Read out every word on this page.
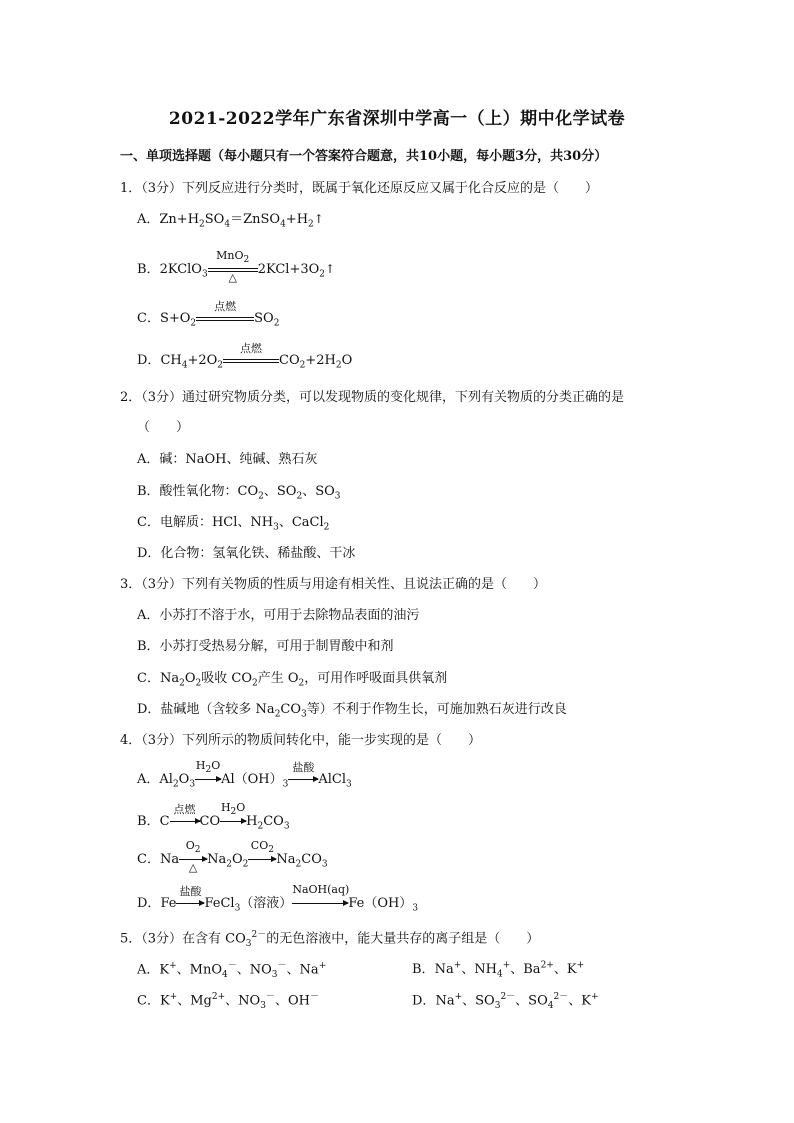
2021-2022学年广东省深圳中学高一（上）期中化学试卷
一、单项选择题（每小题只有一个答案符合题意，共10小题，每小题3分，共30分）
1．（3分）下列反应进行分类时，既属于氧化还原反应又属于化合反应的是（　　）
A．$Zn+H_2SO_4=ZnSO_4+H_2$ ↑
B．2KClO$_3$
MnO$_2$
△
$2KCl+3O_2$ ↑
C．$S+O_2$
点燃
$SO_2$
D．$CH_4+2O_2$
点燃
$CO_2+2H_2O$
2．（3分）通过研究物质分类，可以发现物质的变化规律，下列有关物质的分类正确的是
（　　）
A．碱：NaOH、纯碱、熟石灰
B．酸性氧化物：$CO_2$、$SO_2$、$SO_3$
C．电解质：HCl、$NH_3$、CaCl$_2$
D．化合物：氢氧化铁、稀盐酸、干冰
3．（3分）下列有关物质的性质与用途有相关性、且说法正确的是（　　）
A．小苏打不溶于水，可用于去除物品表面的油污
B．小苏打受热易分解，可用于制胃酸中和剂
C．$Na_2O_2$吸收 $CO_2$产生 $O_2$，可用作呼吸面具供氧剂
D．盐碱地（含较多 $Na_2CO_3$等）不利于作物生长，可施加熟石灰进行改良
4．（3分）下列所示的物质间转化中，能一步实现的是（　　）
A．$Al_2O_3$
$H_2O$
$Al(OH)_3$
盐酸
AlCl$_3$
B．C
点燃
CO
$H_2O$
$H_2CO_3$
C．Na
$O_2$
△
$Na_2O_2$
$CO_2$
$Na_2CO_3$
D．Fe
盐酸
FeCl$_3$（溶液）
NaOH(aq)
$Fe(OH)_3$
5．（3分）在含有 $CO_3^{2-}$的无色溶液中，能大量共存的离子组是（　　）
A．K+、MnO$_4$－、$NO_3^-$、Na+	B．Na+、$NH_4^+$、$Ba^{2+}$、K+
C．K+、$Mg^{2+}$、$NO_3^-$、OH－	D．Na+、$SO_3^{2-}$、$SO_4^{2-}$、K+
